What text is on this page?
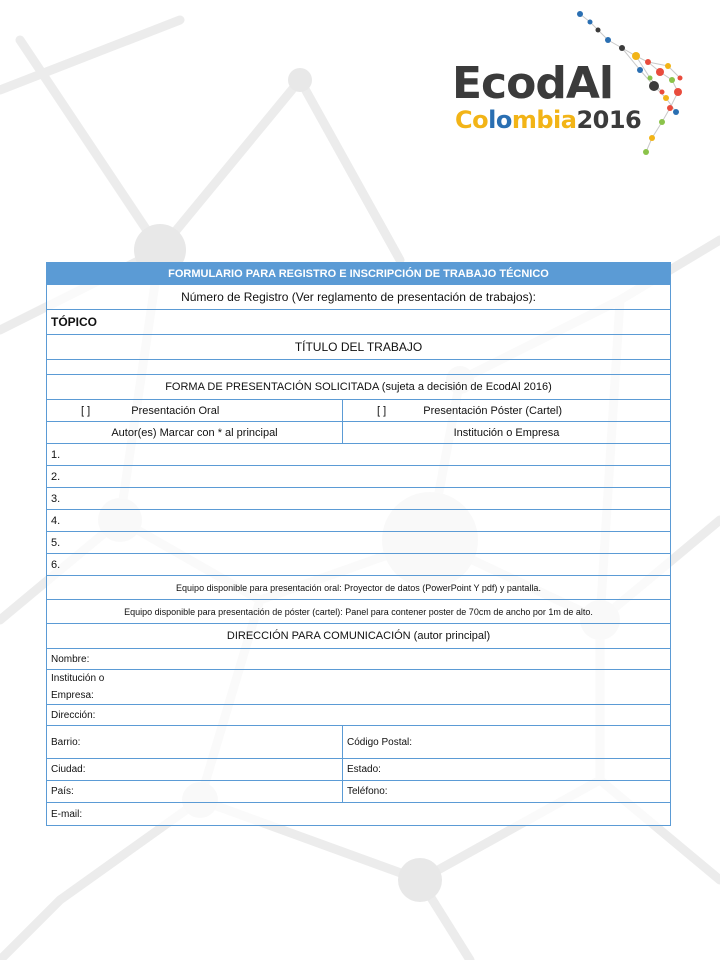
EcodAl
Colombia2016
FORMULARIO PARA REGISTRO E INSCRIPCIÓN DE TRABAJO TÉCNICO	
Número de Registro (Ver reglamento de presentación de trabajos):	
TÓPICO	
TÍTULO DEL TRABAJO	

FORMA DE PRESENTACIÓN SOLICITADA (sujeta a decisión de EcodAl 2016)	
[ ] Presentación Oral	[ ] Presentación Póster (Cartel)
Autor(es) Marcar con * al principal	Institución o Empresa
1.	
2.	
3.	
4.	
5.	
6.	
Equipo disponible para presentación oral: Proyector de datos (PowerPoint Y pdf) y pantalla.	
Equipo disponible para presentación de póster (cartel): Panel para contener poster de 70cm de ancho por 1m de alto.	
DIRECCIÓN PARA COMUNICACIÓN (autor principal)	
Nombre:	
Institución o
Empresa:	
Dirección:	
Barrio:	Código Postal:
Ciudad:	Estado:
País:	Teléfono:
E-mail:	
